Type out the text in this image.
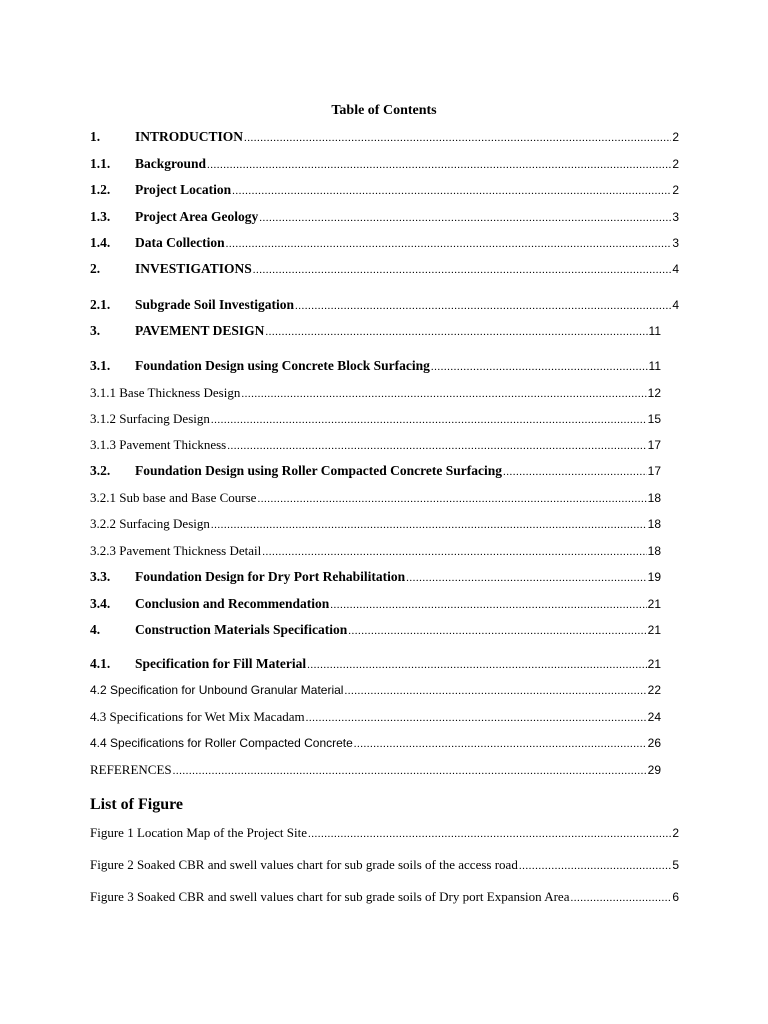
Table of Contents
1.	INTRODUCTION .....	2
1.1.	Background .....	2
1.2.	Project Location .....	2
1.3.	Project Area Geology .....	3
1.4.	Data Collection .....	3
2.	INVESTIGATIONS .....	4
2.1.	Subgrade Soil Investigation .....	4
3.	PAVEMENT DESIGN .....	11
3.1.	Foundation Design using Concrete Block Surfacing .....	11
3.1.1 Base Thickness Design .....	12
3.1.2 Surfacing Design .....	15
3.1.3 Pavement Thickness .....	17
3.2.	Foundation Design using Roller Compacted Concrete Surfacing .....	17
3.2.1 Sub base and Base Course .....	18
3.2.2 Surfacing Design .....	18
3.2.3 Pavement Thickness Detail .....	18
3.3.	Foundation Design for Dry Port Rehabilitation .....	19
3.4.	Conclusion and Recommendation .....	21
4.	Construction Materials Specification .....	21
4.1.	Specification for Fill Material .....	21
4.2 Specification for Unbound Granular Material .....	22
4.3 Specifications for Wet Mix Macadam .....	24
4.4 Specifications for Roller Compacted Concrete .....	26
REFERENCES .....	29
List of Figure
Figure 1 Location Map of the Project Site .....	2
Figure 2 Soaked CBR and swell values chart for sub grade soils of the access road .....	5
Figure 3 Soaked CBR and swell values chart for sub grade soils of Dry port Expansion Area .....	6
